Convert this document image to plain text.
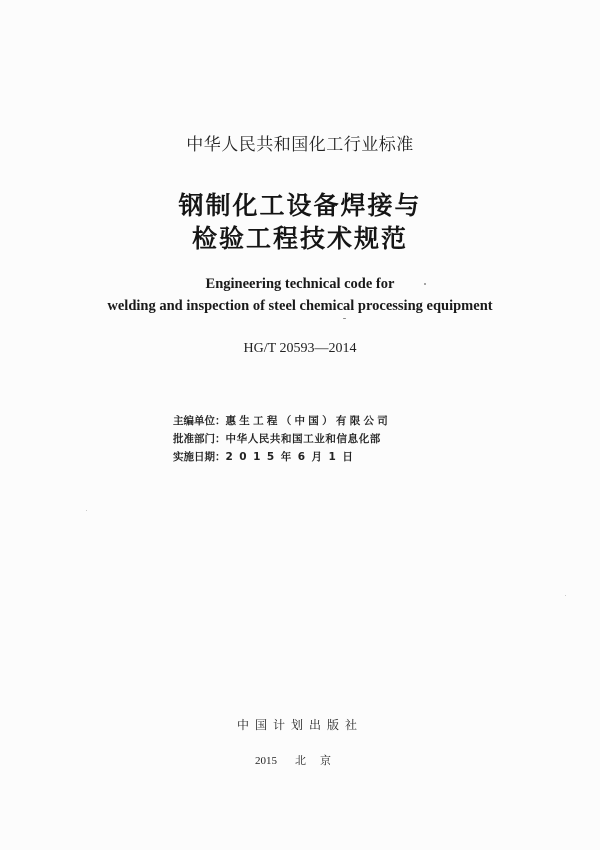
中华人民共和国化工行业标准
钢制化工设备焊接与
检验工程技术规范
Engineering technical code for
welding and inspection of steel chemical processing equipment
HG/T 20593—2014
主编单位：惠生工程（中国）有限公司
批准部门：中华人民共和国工业和信息化部
实施日期：2015年6月1日
中国计划出版社
2015 北京
